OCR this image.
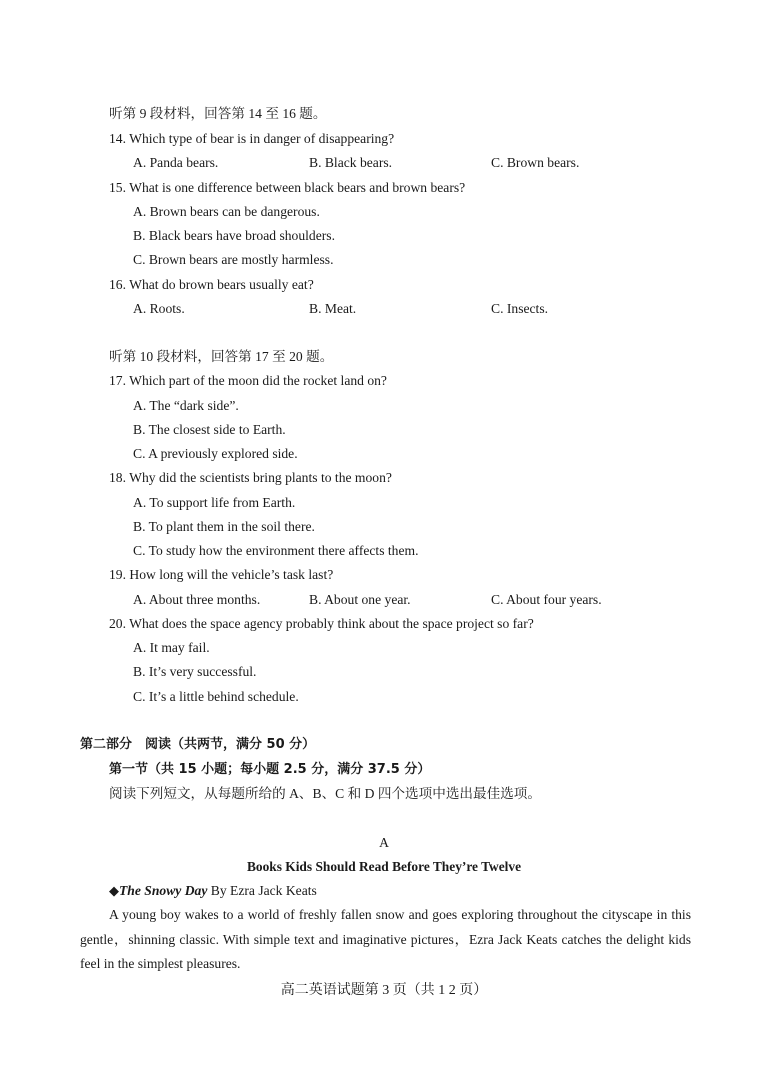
听第 9 段材料，回答第 14 至 16 题。
14. Which type of bear is in danger of disappearing?
A. Panda bears.	B. Black bears.	C. Brown bears.
15. What is one difference between black bears and brown bears?
A. Brown bears can be dangerous.
B. Black bears have broad shoulders.
C. Brown bears are mostly harmless.
16. What do brown bears usually eat?
A. Roots.	B. Meat.	C. Insects.
听第 10 段材料，回答第 17 至 20 题。
17. Which part of the moon did the rocket land on?
A. The “dark side”.
B. The closest side to Earth.
C. A previously explored side.
18. Why did the scientists bring plants to the moon?
A. To support life from Earth.
B. To plant them in the soil there.
C. To study how the environment there affects them.
19. How long will the vehicle’s task last?
A. About three months.	B. About one year.	C. About four years.
20. What does the space agency probably think about the space project so far?
A. It may fail.
B. It’s very successful.
C. It’s a little behind schedule.
第二部分　阅读（共两节，满分 50 分）
第一节（共 15 小题；每小题 2.5 分，满分 37.5 分）
阅读下列短文，从每题所给的 A、B、C 和 D 四个选项中选出最佳选项。
A
Books Kids Should Read Before They’re Twelve
◆The Snowy Day By Ezra Jack Keats
A young boy wakes to a world of freshly fallen snow and goes exploring throughout the cityscape in this gentle，shinning classic. With simple text and imaginative pictures，Ezra Jack Keats catches the delight kids feel in the simplest pleasures.
高二英语试题第 3 页（共 1 2 页）
